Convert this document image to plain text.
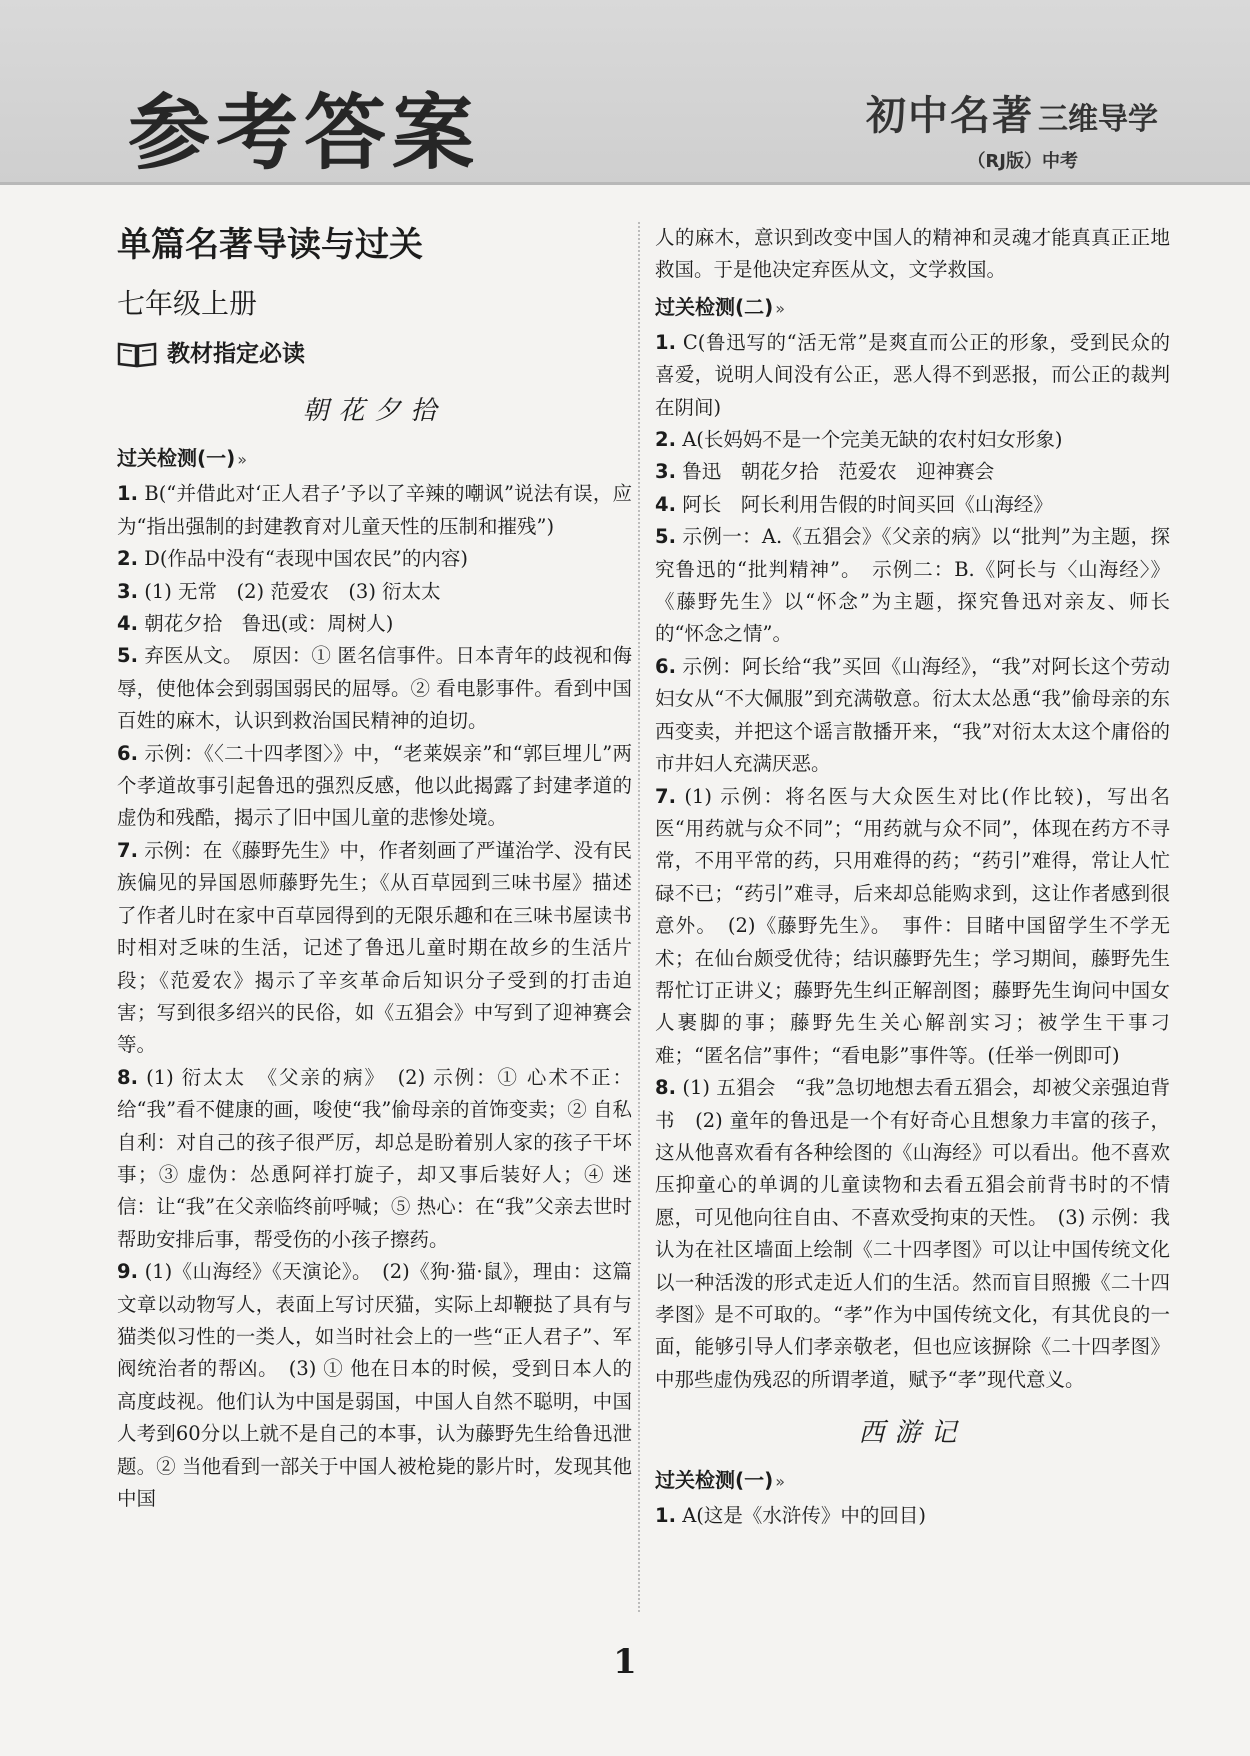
参考答案	初中名著 三维导学
（RJ版）中考
单篇名著导读与过关
七年级上册
教材指定必读
朝花夕拾
过关检测(一) »

1. B(“并借此对‘正人君子’予以了辛辣的嘲讽”说法有误，应为“指出强制的封建教育对儿童天性的压制和摧残”)

2. D(作品中没有“表现中国农民”的内容)

3. (1) 无常　(2) 范爱农　(3) 衍太太

4. 朝花夕拾　鲁迅(或：周树人)

5. 弃医从文。　原因：① 匿名信事件。日本青年的歧视和侮辱，使他体会到弱国弱民的屈辱。② 看电影事件。看到中国百姓的麻木，认识到救治国民精神的迫切。

6. 示例：《〈二十四孝图〉》中，“老莱娱亲”和“郭巨埋儿”两个孝道故事引起鲁迅的强烈反感，他以此揭露了封建孝道的虚伪和残酷，揭示了旧中国儿童的悲惨处境。

7. 示例：在《藤野先生》中，作者刻画了严谨治学、没有民族偏见的异国恩师藤野先生；《从百草园到三味书屋》描述了作者儿时在家中百草园得到的无限乐趣和在三味书屋读书时相对乏味的生活，记述了鲁迅儿童时期在故乡的生活片段；《范爱农》揭示了辛亥革命后知识分子受到的打击迫害；写到很多绍兴的民俗，如《五猖会》中写到了迎神赛会等。

8. (1) 衍太太　《父亲的病》　(2) 示例：① 心术不正：给“我”看不健康的画，唆使“我”偷母亲的首饰变卖；② 自私自利：对自己的孩子很严厉，却总是盼着别人家的孩子干坏事；③ 虚伪：怂恿阿祥打旋子，却又事后装好人；④ 迷信：让“我”在父亲临终前呼喊；⑤ 热心：在“我”父亲去世时帮助安排后事，帮受伤的小孩子擦药。

9. (1)《山海经》《天演论》。　(2)《狗·猫·鼠》，理由：这篇文章以动物写人，表面上写讨厌猫，实际上却鞭挞了具有与猫类似习性的一类人，如当时社会上的一些“正人君子”、军阀统治者的帮凶。　(3) ① 他在日本的时候，受到日本人的高度歧视。他们认为中国是弱国，中国人自然不聪明，中国人考到60分以上就不是自己的本事，认为藤野先生给鲁迅泄题。② 当他看到一部关于中国人被枪毙的影片时，发现其他中国

人的麻木，意识到改变中国人的精神和灵魂才能真真正正地救国。于是他决定弃医从文，文学救国。

过关检测(二) »

1. C(鲁迅写的“活无常”是爽直而公正的形象，受到民众的喜爱，说明人间没有公正，恶人得不到恶报，而公正的裁判在阴间)

2. A(长妈妈不是一个完美无缺的农村妇女形象)

3. 鲁迅　朝花夕拾　范爱农　迎神赛会

4. 阿长　阿长利用告假的时间买回《山海经》

5. 示例一：A.《五猖会》《父亲的病》以“批判”为主题，探究鲁迅的“批判精神”。　示例二：B.《阿长与〈山海经〉》《藤野先生》以“怀念”为主题，探究鲁迅对亲友、师长的“怀念之情”。

6. 示例：阿长给“我”买回《山海经》，“我”对阿长这个劳动妇女从“不大佩服”到充满敬意。衍太太怂恿“我”偷母亲的东西变卖，并把这个谣言散播开来，“我”对衍太太这个庸俗的市井妇人充满厌恶。

7. (1) 示例：将名医与大众医生对比(作比较)，写出名医“用药就与众不同”；“用药就与众不同”，体现在药方不寻常，不用平常的药，只用难得的药；“药引”难得，常让人忙碌不已；“药引”难寻，后来却总能购求到，这让作者感到很意外。　(2)《藤野先生》。　事件：目睹中国留学生不学无术；在仙台颇受优待；结识藤野先生；学习期间，藤野先生帮忙订正讲义；藤野先生纠正解剖图；藤野先生询问中国女人裹脚的事；藤野先生关心解剖实习；被学生干事刁难；“匿名信”事件；“看电影”事件等。(任举一例即可)

8. (1) 五猖会　“我”急切地想去看五猖会，却被父亲强迫背书　(2) 童年的鲁迅是一个有好奇心且想象力丰富的孩子，这从他喜欢看有各种绘图的《山海经》可以看出。他不喜欢压抑童心的单调的儿童读物和去看五猖会前背书时的不情愿，可见他向往自由、不喜欢受拘束的天性。　(3) 示例：我认为在社区墙面上绘制《二十四孝图》可以让中国传统文化以一种活泼的形式走近人们的生活。然而盲目照搬《二十四孝图》是不可取的。“孝”作为中国传统文化，有其优良的一面，能够引导人们孝亲敬老，但也应该摒除《二十四孝图》中那些虚伪残忍的所谓孝道，赋予“孝”现代意义。

西游记
过关检测(一) »

1. A(这是《水浒传》中的回目)

1
